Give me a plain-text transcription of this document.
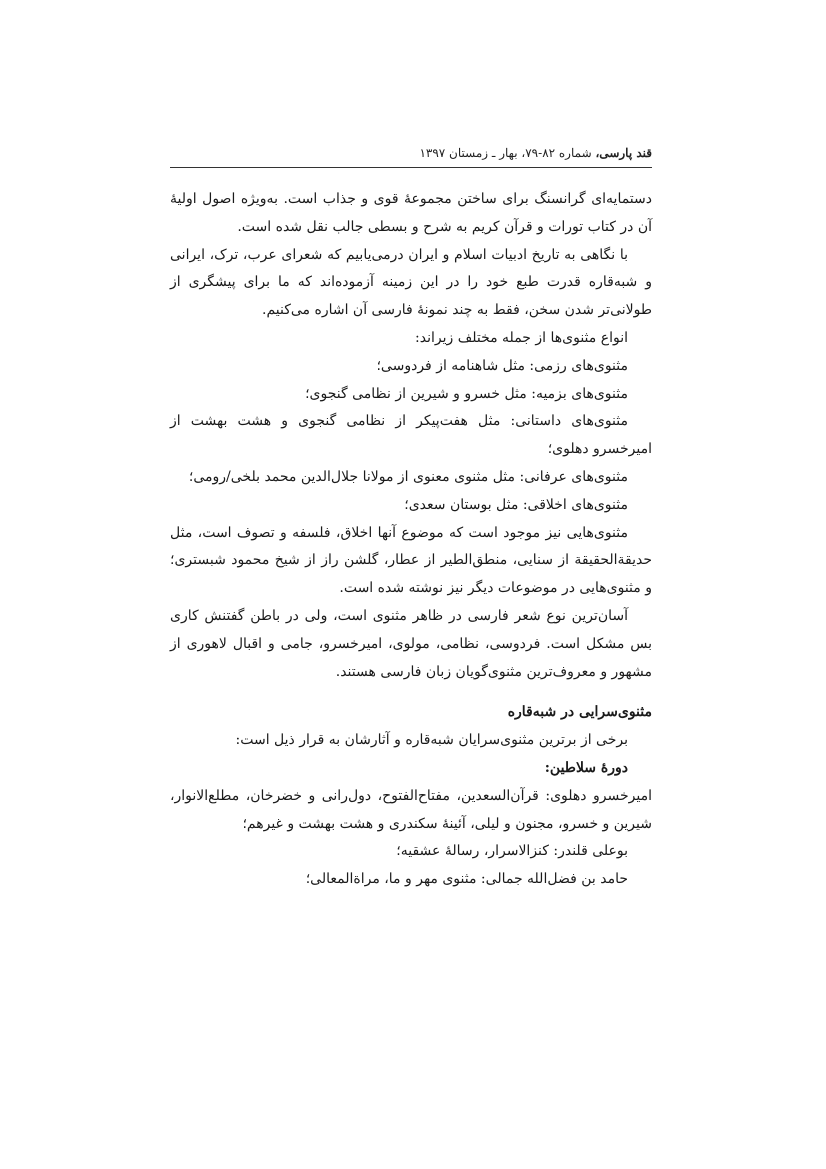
قند پارسی، شماره ۸۲-۷۹، بهار ـ زمستان ۱۳۹۷

دستمایه‌ای گرانسنگ برای ساختن مجموعهٔ قوی و جذاب است. به‌ویژه اصول اولیهٔ آن در کتاب تورات و قرآن کریم به شرح و بسطی جالب نقل شده است.

با نگاهی به تاریخ ادبیات اسلام و ایران درمی‌یابیم که شعرای عرب، ترک، ایرانی و شبه‌قاره قدرت طبع خود را در این زمینه آزموده‌اند که ما برای پیشگری از طولانی‌تر شدن سخن، فقط به چند نمونهٔ فارسی آن اشاره می‌کنیم.

انواع مثنوی‌ها از جمله مختلف زیراند:

مثنوی‌های رزمی: مثل شاهنامه از فردوسی؛

مثنوی‌های بزمیه: مثل خسرو و شیرین از نظامی گنجوی؛

مثنوی‌های داستانی: مثل هفت‌پیکر از نظامی گنجوی و هشت بهشت از امیرخسرو دهلوی؛

مثنوی‌های عرفانی: مثل مثنوی معنوی از مولانا جلال‌الدین محمد بلخی/رومی؛

مثنوی‌های اخلاقی: مثل بوستان سعدی؛

مثنوی‌هایی نیز موجود است که موضوع آنها اخلاق، فلسفه و تصوف است، مثل حدیقةالحقیقة از سنایی، منطق‌الطیر از عطار، گلشن راز از شیخ محمود شبستری؛ و مثنوی‌هایی در موضوعات دیگر نیز نوشته شده است.

آسان‌ترین نوع شعر فارسی در ظاهر مثنوی است، ولی در باطن گفتنش کاری بس مشکل است. فردوسی، نظامی، مولوی، امیرخسرو، جامی و اقبال لاهوری از مشهور و معروف‌ترین مثنوی‌گویان زبان فارسی هستند.

مثنوی‌سرایی در شبه‌قاره

برخی از برترین مثنوی‌سرایان شبه‌قاره و آثارشان به قرار ذیل است:

دورهٔ سلاطین:

امیرخسرو دهلوی: قرآن‌السعدین، مفتاح‌الفتوح، دول‌رانی و خضرخان، مطلع‌الانوار، شیرین و خسرو، مجنون و لیلی، آئینهٔ سکندری و هشت بهشت و غیرهم؛

بوعلی قلندر: کنزالاسرار، رسالهٔ عشقیه؛

حامد بن فضل‌الله جمالی: مثنوی مهر و ما، مراةالمعالی؛
